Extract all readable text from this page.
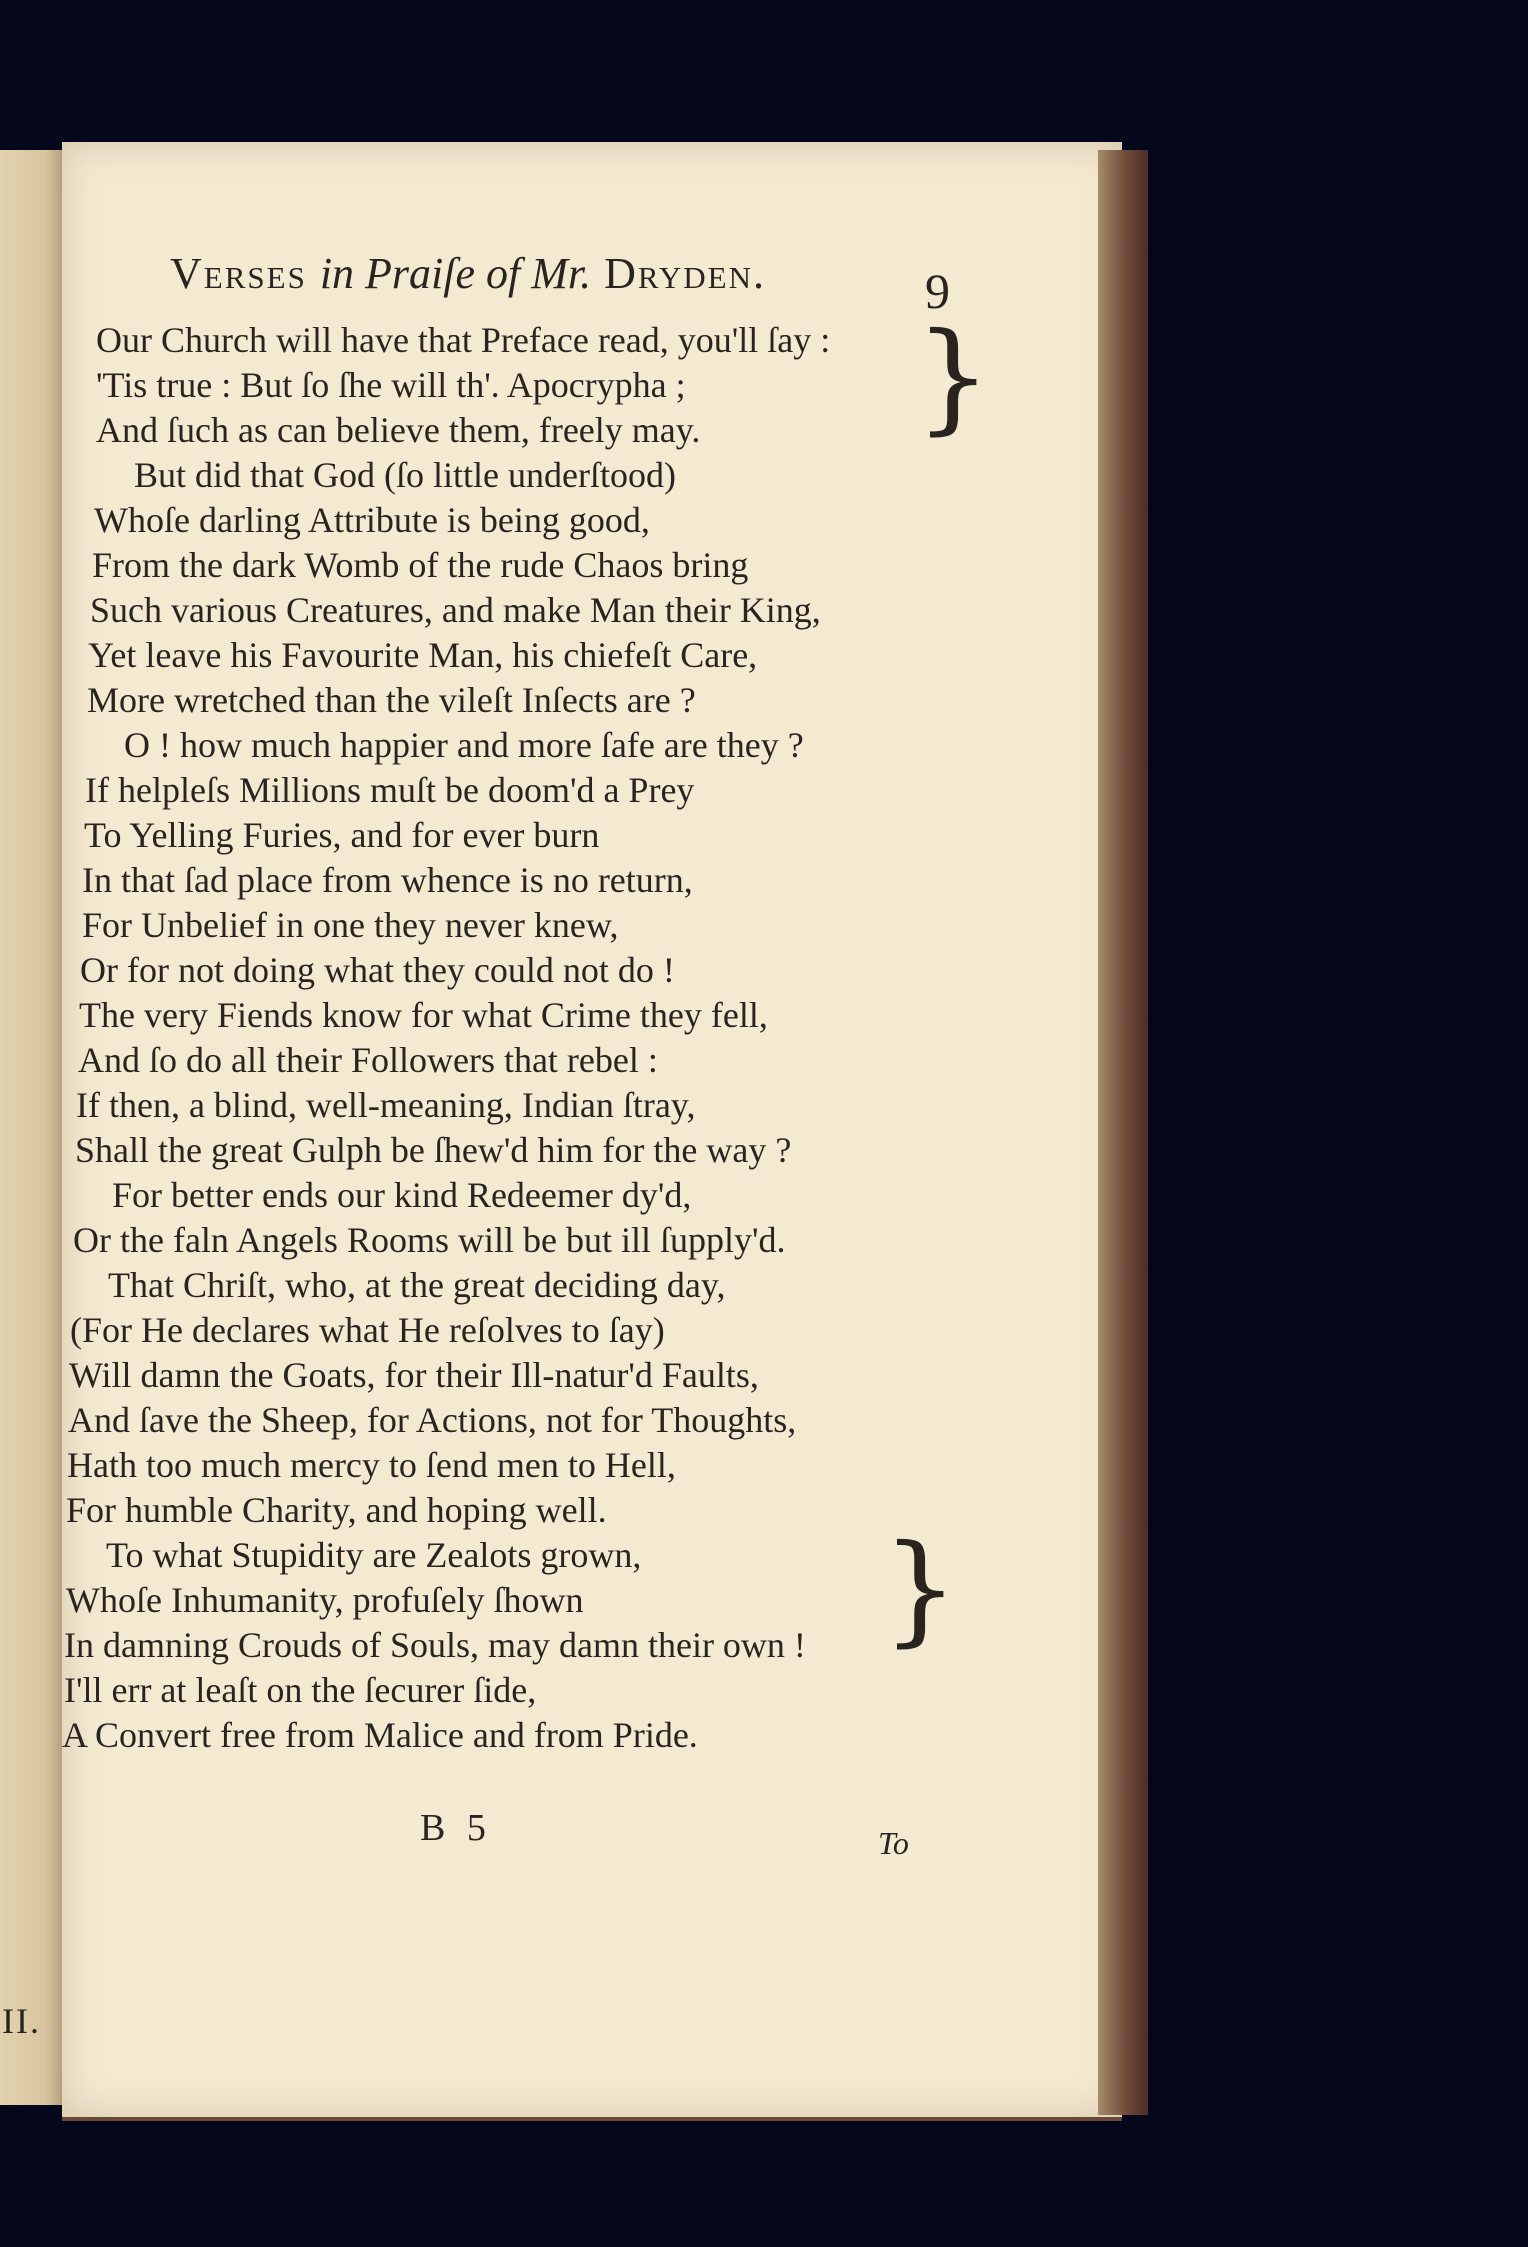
II.
Verses in Praiſe of Mr. Dryden.	9
Our Church will have that Preface read, you'll ſay :
'Tis true : But ſo ſhe will th'. Apocrypha ;
And ſuch as can believe them, freely may.
But did that God (ſo little underſtood)
Whoſe darling Attribute is being good,
From the dark Womb of the rude Chaos bring
Such various Creatures, and make Man their King,
Yet leave his Favourite Man, his chiefeſt Care,
More wretched than the vileſt Inſects are ?
O ! how much happier and more ſafe are they ?
If helpleſs Millions muſt be doom'd a Prey
To Yelling Furies, and for ever burn
In that ſad place from whence is no return,
For Unbelief in one they never knew,
Or for not doing what they could not do !
The very Fiends know for what Crime they fell,
And ſo do all their Followers that rebel :
If then, a blind, well-meaning, Indian ſtray,
Shall the great Gulph be ſhew'd him for the way ?
For better ends our kind Redeemer dy'd,
Or the faln Angels Rooms will be but ill ſupply'd.
That Chriſt, who, at the great deciding day,
(For He declares what He reſolves to ſay)
Will damn the Goats, for their Ill-natur'd Faults,
And ſave the Sheep, for Actions, not for Thoughts,
Hath too much mercy to ſend men to Hell,
For humble Charity, and hoping well.
To what Stupidity are Zealots grown,
Whoſe Inhumanity, profuſely ſhown
In damning Crouds of Souls, may damn their own !
I'll err at leaſt on the ſecurer ſide,
A Convert free from Malice and from Pride.
}
}
B 5	To
